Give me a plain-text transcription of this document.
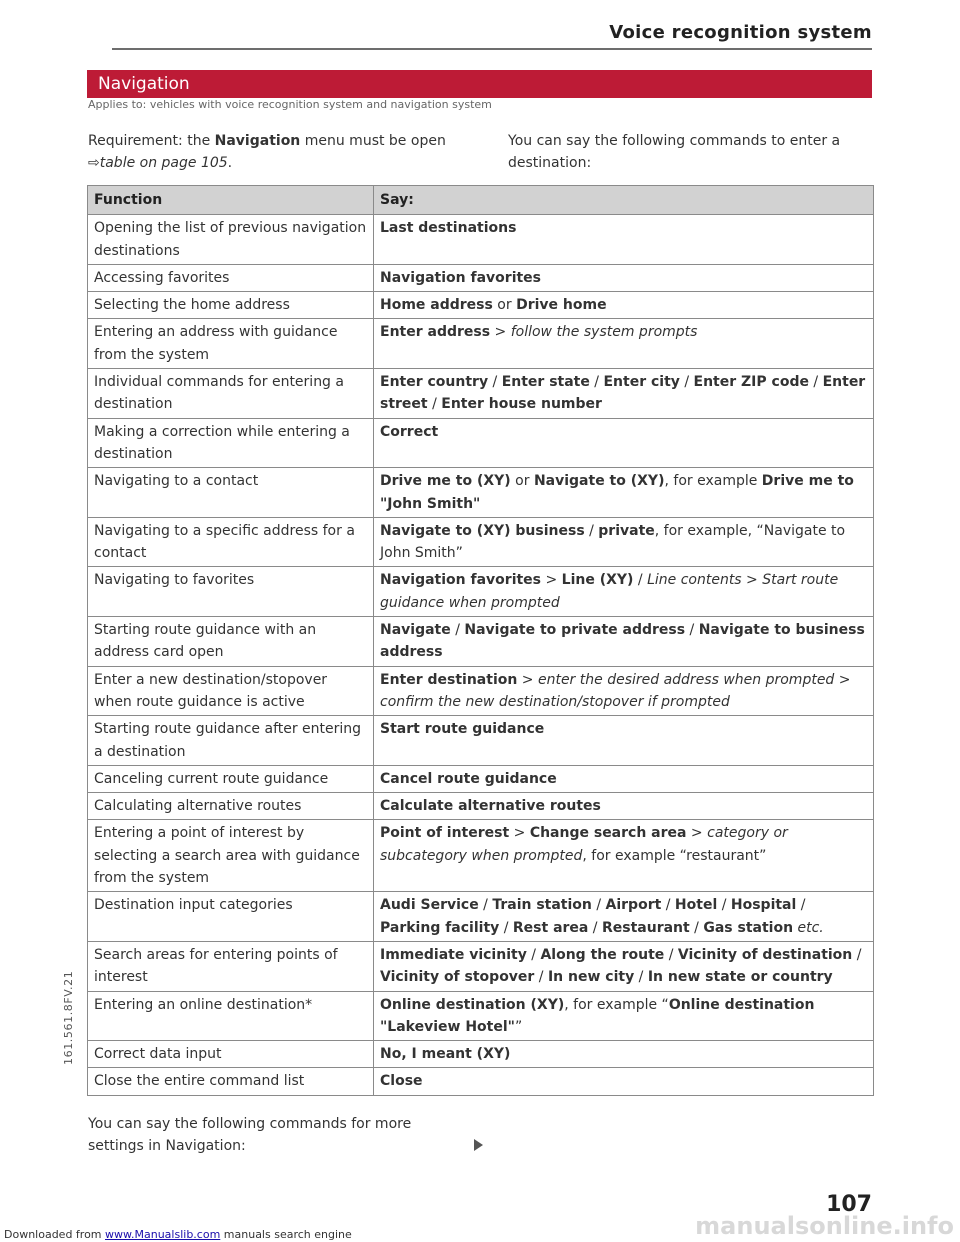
Voice recognition system
Navigation
Applies to: vehicles with voice recognition system and navigation system
Requirement: the Navigation menu must be open ⇨table on page 105.
You can say the following commands to enter a destination:
Function	Say:
Opening the list of previous navigation destinations	Last destinations
Accessing favorites	Navigation favorites
Selecting the home address	Home address or Drive home
Entering an address with guidance from the system	Enter address > follow the system prompts
Individual commands for entering a destination	Enter country / Enter state / Enter city / Enter ZIP code / Enter street / Enter house number
Making a correction while entering a destination	Correct
Navigating to a contact	Drive me to (XY) or Navigate to (XY), for example Drive me to "John Smith"
Navigating to a specific address for a contact	Navigate to (XY) business / private, for example, “Navigate to John Smith”
Navigating to favorites	Navigation favorites > Line (XY) / Line contents > Start route guidance when prompted
Starting route guidance with an address card open	Navigate / Navigate to private address / Navigate to business address
Enter a new destination/stopover when route guidance is active	Enter destination > enter the desired address when prompted > confirm the new destination/stopover if prompted
Starting route guidance after entering a destination	Start route guidance
Canceling current route guidance	Cancel route guidance
Calculating alternative routes	Calculate alternative routes
Entering a point of interest by selecting a search area with guidance from the system	Point of interest > Change search area > category or subcategory when prompted, for example “restaurant”
Destination input categories	Audi Service / Train station / Airport / Hotel / Hospital / Parking facility / Rest area / Restaurant / Gas station etc.
Search areas for entering points of interest	Immediate vicinity / Along the route / Vicinity of destination / Vicinity of stopover / In new city / In new state or country
Entering an online destination*	Online destination (XY), for example “Online destination "Lakeview Hotel"”
Correct data input	No, I meant (XY)
Close the entire command list	Close
161.561.8FV.21
You can say the following commands for more settings in Navigation:
107
manualsonline.info
Downloaded from www.Manualslib.com manuals search engine
